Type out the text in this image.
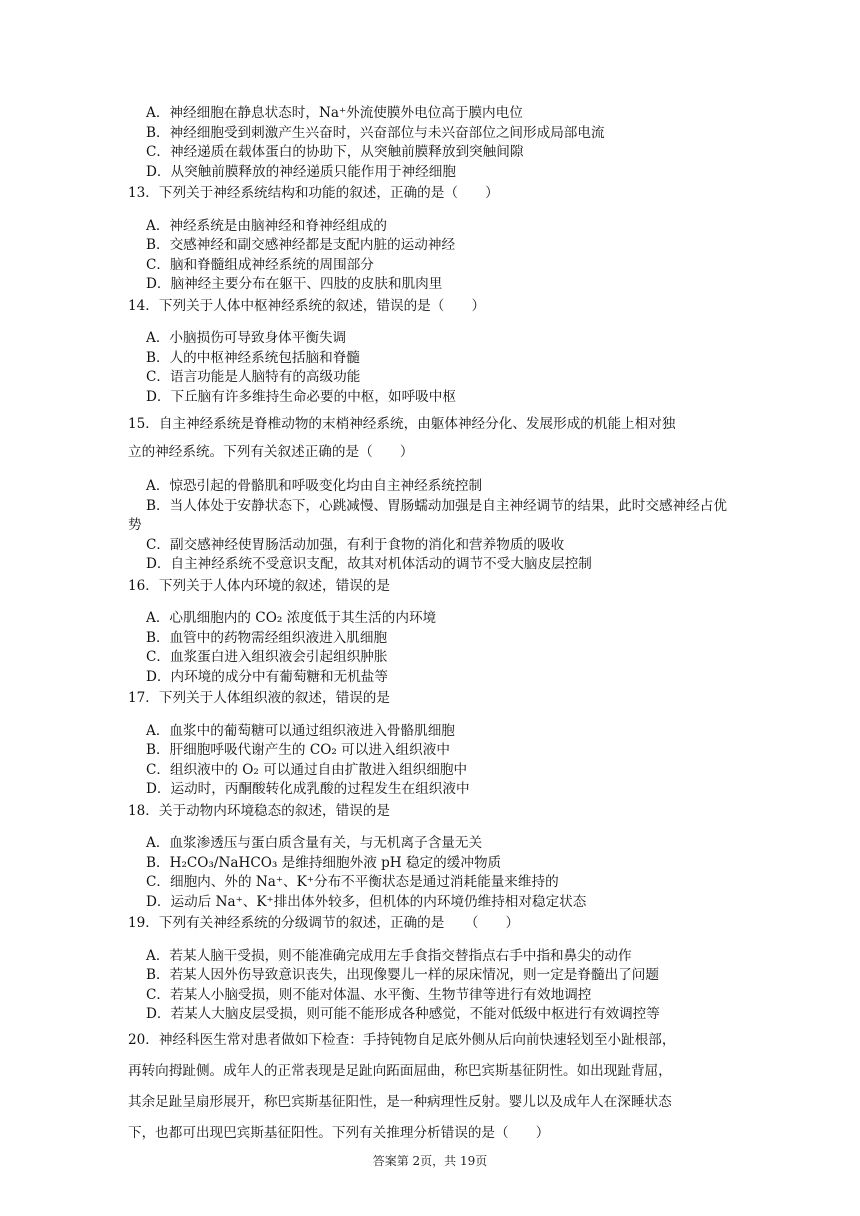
A．神经细胞在静息状态时，Na⁺外流使膜外电位高于膜内电位
B．神经细胞受到刺激产生兴奋时，兴奋部位与未兴奋部位之间形成局部电流
C．神经递质在载体蛋白的协助下，从突触前膜释放到突触间隙
D．从突触前膜释放的神经递质只能作用于神经细胞
13．下列关于神经系统结构和功能的叙述，正确的是（　　）
A．神经系统是由脑神经和脊神经组成的
B．交感神经和副交感神经都是支配内脏的运动神经
C．脑和脊髓组成神经系统的周围部分
D．脑神经主要分布在躯干、四肢的皮肤和肌肉里
14．下列关于人体中枢神经系统的叙述，错误的是（　　）
A．小脑损伤可导致身体平衡失调
B．人的中枢神经系统包括脑和脊髓
C．语言功能是人脑特有的高级功能
D．下丘脑有许多维持生命必要的中枢，如呼吸中枢
15．自主神经系统是脊椎动物的末梢神经系统，由躯体神经分化、发展形成的机能上相对独
立的神经系统。下列有关叙述正确的是（　　）
A．惊恐引起的骨骼肌和呼吸变化均由自主神经系统控制
B．当人体处于安静状态下，心跳减慢、胃肠蠕动加强是自主神经调节的结果，此时交感神经占优势
C．副交感神经使胃肠活动加强，有利于食物的消化和营养物质的吸收
D．自主神经系统不受意识支配，故其对机体活动的调节不受大脑皮层控制
16．下列关于人体内环境的叙述，错误的是
A．心肌细胞内的 CO₂ 浓度低于其生活的内环境
B．血管中的药物需经组织液进入肌细胞
C．血浆蛋白进入组织液会引起组织肿胀
D．内环境的成分中有葡萄糖和无机盐等
17．下列关于人体组织液的叙述，错误的是
A．血浆中的葡萄糖可以通过组织液进入骨骼肌细胞
B．肝细胞呼吸代谢产生的 CO₂ 可以进入组织液中
C．组织液中的 O₂ 可以通过自由扩散进入组织细胞中
D．运动时，丙酮酸转化成乳酸的过程发生在组织液中
18．关于动物内环境稳态的叙述，错误的是
A．血浆渗透压与蛋白质含量有关，与无机离子含量无关
B．H₂CO₃/NaHCO₃ 是维持细胞外液 pH 稳定的缓冲物质
C．细胞内、外的 Na⁺、K⁺分布不平衡状态是通过消耗能量来维持的
D．运动后 Na⁺、K⁺排出体外较多，但机体的内环境仍维持相对稳定状态
19．下列有关神经系统的分级调节的叙述，正确的是　　（　　）
A．若某人脑干受损，则不能准确完成用左手食指交替指点右手中指和鼻尖的动作
B．若某人因外伤导致意识丧失，出现像婴儿一样的尿床情况，则一定是脊髓出了问题
C．若某人小脑受损，则不能对体温、水平衡、生物节律等进行有效地调控
D．若某人大脑皮层受损，则可能不能形成各种感觉，不能对低级中枢进行有效调控等
20．神经科医生常对患者做如下检查：手持钝物自足底外侧从后向前快速轻划至小趾根部，
再转向拇趾侧。成年人的正常表现是足趾向跖面屈曲，称巴宾斯基征阴性。如出现趾背屈，
其余足趾呈扇形展开，称巴宾斯基征阳性，是一种病理性反射。婴儿以及成年人在深睡状态
下，也都可出现巴宾斯基征阳性。下列有关推理分析错误的是（　　）
答案第 2页，共 19页
